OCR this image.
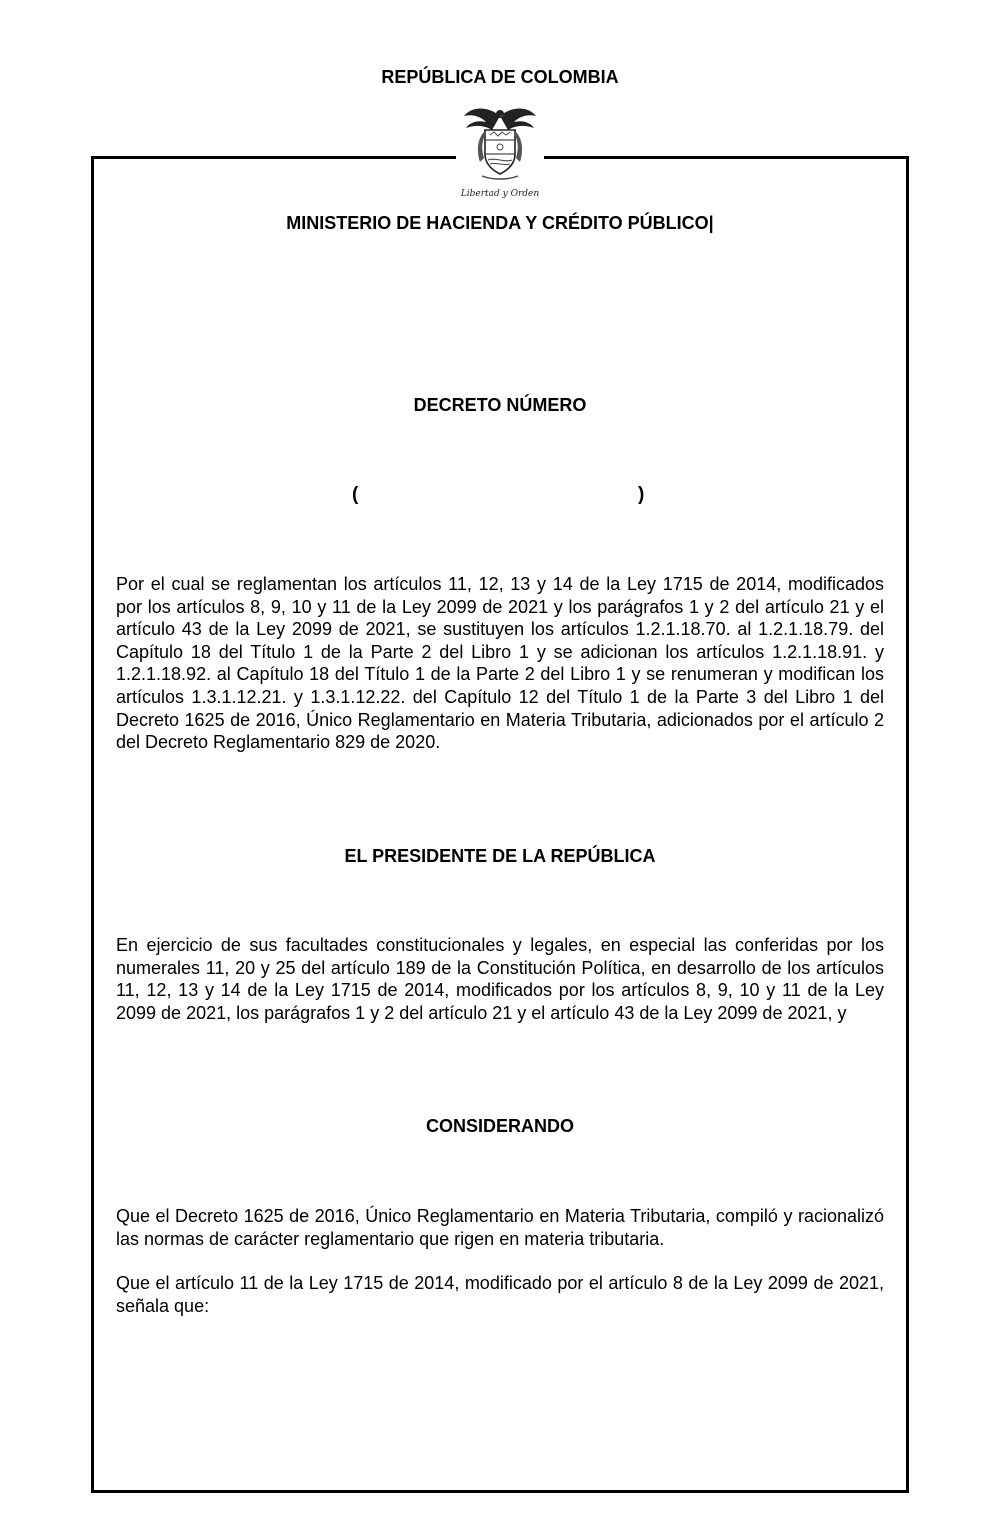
REPÚBLICA DE COLOMBIA
Libertad y Orden
MINISTERIO DE HACIENDA Y CRÉDITO PÚBLICO|
DECRETO NÚMERO
(	)

Por el cual se reglamentan los artículos 11, 12, 13 y 14 de la Ley 1715 de 2014, modificados por los artículos 8, 9, 10 y 11 de la Ley 2099 de 2021 y los parágrafos 1 y 2 del artículo 21 y el artículo 43 de la Ley 2099 de 2021, se sustituyen los artículos 1.2.1.18.70. al 1.2.1.18.79. del Capítulo 18 del Título 1 de la Parte 2 del Libro 1 y se adicionan los artículos 1.2.1.18.91. y 1.2.1.18.92. al Capítulo 18 del Título 1 de la Parte 2 del Libro 1 y se renumeran y modifican los artículos 1.3.1.12.21. y 1.3.1.12.22. del Capítulo 12 del Título 1 de la Parte 3 del Libro 1 del Decreto 1625 de 2016, Único Reglamentario en Materia Tributaria, adicionados por el artículo 2 del Decreto Reglamentario 829 de 2020.

EL PRESIDENTE DE LA REPÚBLICA

En ejercicio de sus facultades constitucionales y legales, en especial las conferidas por los numerales 11, 20 y 25 del artículo 189 de la Constitución Política, en desarrollo de los artículos 11, 12, 13 y 14 de la Ley 1715 de 2014, modificados por los artículos 8, 9, 10 y 11 de la Ley 2099 de 2021, los parágrafos 1 y 2 del artículo 21 y el artículo 43 de la Ley 2099 de 2021, y

CONSIDERANDO

Que el Decreto 1625 de 2016, Único Reglamentario en Materia Tributaria, compiló y racionalizó las normas de carácter reglamentario que rigen en materia tributaria.

Que el artículo 11 de la Ley 1715 de 2014, modificado por el artículo 8 de la Ley 2099 de 2021, señala que:
